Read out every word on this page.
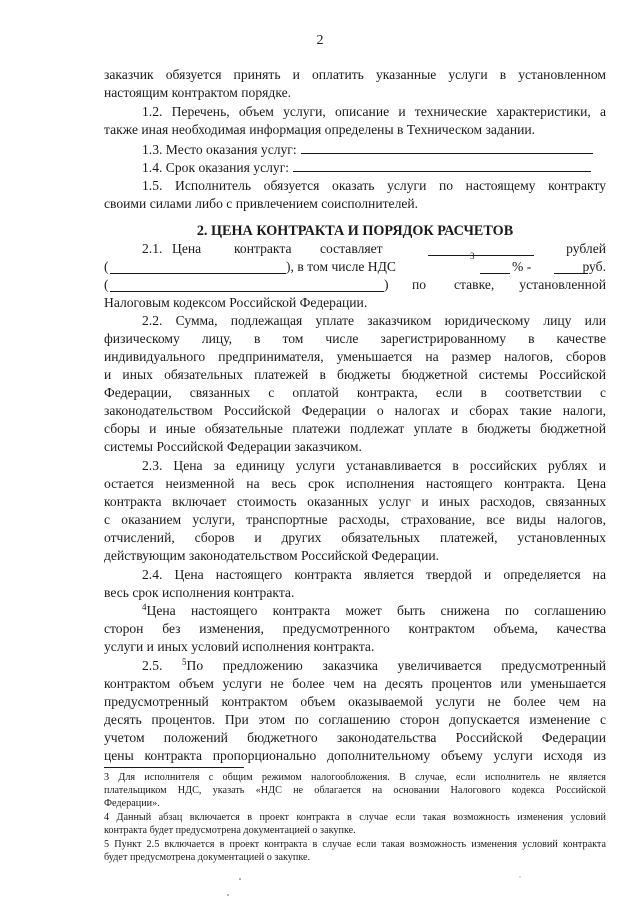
2
заказчик обязуется принять и оплатить указанные услуги в установленном
настоящим контрактом порядке.
1.2. Перечень, объем услуги, описание и технические характеристики, а
также иная необходимая информация определены в Техническом задании.
1.3. Место оказания услуг:
1.4. Срок оказания услуг:
1.5. Исполнитель обязуется оказать услуги по настоящему контракту
своими силами либо с привлечением соисполнителей.
2. ЦЕНА КОНТРАКТА И ПОРЯДОК РАСЧЕТОВ
2.1. Цена контракта составляет	рублей
(	), в том числе НДС
3
% -	руб.
(	) по ставке, установленной
Налоговым кодексом Российской Федерации.
2.2. Сумма, подлежащая уплате заказчиком юридическому лицу или
физическому лицу, в том числе зарегистрированному в качестве
индивидуального предпринимателя, уменьшается на размер налогов, сборов
и иных обязательных платежей в бюджеты бюджетной системы Российской
Федерации, связанных с оплатой контракта, если в соответствии с
законодательством Российской Федерации о налогах и сборах такие налоги,
сборы и иные обязательные платежи подлежат уплате в бюджеты бюджетной
системы Российской Федерации заказчиком.
2.3. Цена за единицу услуги устанавливается в российских рублях и
остается неизменной на весь срок исполнения настоящего контракта. Цена
контракта включает стоимость оказанных услуг и иных расходов, связанных
с оказанием услуги, транспортные расходы, страхование, все виды налогов,
отчислений, сборов и других обязательных платежей, установленных
действующим законодательством Российской Федерации.
2.4. Цена настоящего контракта является твердой и определяется на
весь срок исполнения контракта.
$^4$Цена настоящего контракта может быть снижена по соглашению
сторон без изменения, предусмотренного контрактом объема, качества
услуги и иных условий исполнения контракта.
2.5. $^5$По предложению заказчика увеличивается предусмотренный
контрактом объем услуги не более чем на десять процентов или уменьшается
предусмотренный контрактом объем оказываемой услуги не более чем на
десять процентов. При этом по соглашению сторон допускается изменение с
учетом положений бюджетного законодательства Российской Федерации
цены контракта пропорционально дополнительному объему услуги исходя из
3 Для исполнителя с общим режимом налогообложения. В случае, если исполнитель не является
плательщиком НДС, указать «НДС не облагается на основании Налогового кодекса Российской
Федерации».
4 Данный абзац включается в проект контракта в случае если такая возможность изменения условий
контракта будет предусмотрена документацией о закупке.
5 Пункт 2.5 включается в проект контракта в случае если такая возможность изменения условий контракта
будет предусмотрена документацией о закупке.
